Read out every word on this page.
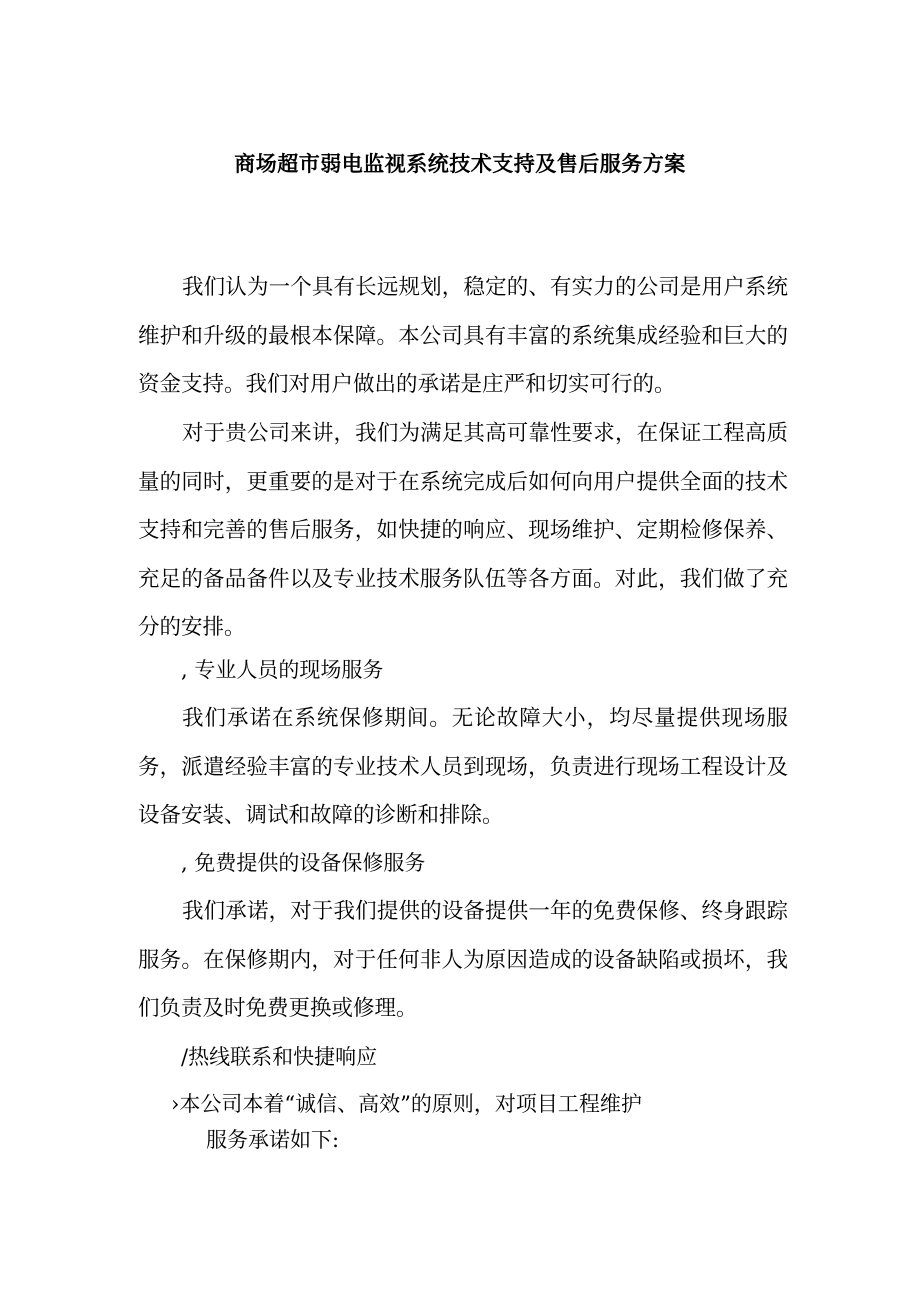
商场超市弱电监视系统技术支持及售后服务方案

我们认为一个具有长远规划，稳定的、有实力的公司是用户系统维护和升级的最根本保障。本公司具有丰富的系统集成经验和巨大的资金支持。我们对用户做出的承诺是庄严和切实可行的。

对于贵公司来讲，我们为满足其高可靠性要求，在保证工程高质量的同时，更重要的是对于在系统完成后如何向用户提供全面的技术支持和完善的售后服务，如快捷的响应、现场维护、定期检修保养、充足的备品备件以及专业技术服务队伍等各方面。对此，我们做了充分的安排。

, 专业人员的现场服务

我们承诺在系统保修期间。无论故障大小，均尽量提供现场服务，派遣经验丰富的专业技术人员到现场，负责进行现场工程设计及设备安装、调试和故障的诊断和排除。

, 免费提供的设备保修服务

我们承诺，对于我们提供的设备提供一年的免费保修、终身跟踪服务。在保修期内，对于任何非人为原因造成的设备缺陷或损坏，我们负责及时免费更换或修理。

/热线联系和快捷响应

›本公司本着“诚信、高效”的原则，对项目工程维护
服务承诺如下:
